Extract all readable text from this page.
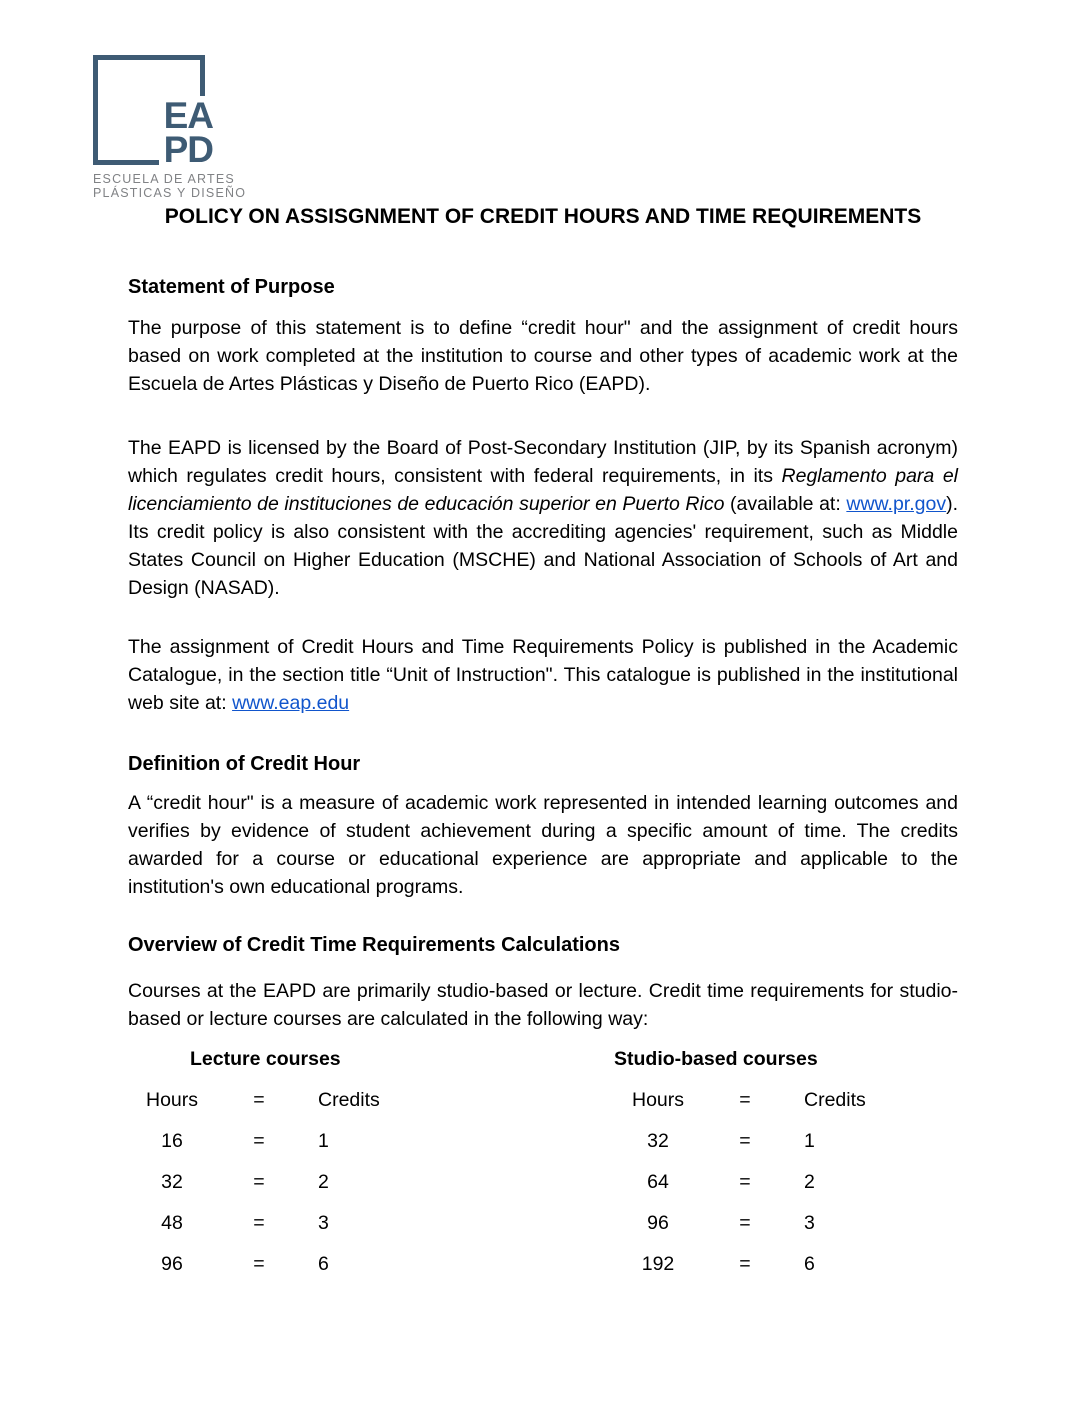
EA
PD
ESCUELA DE ARTES
PLÁSTICAS Y DISEÑO
POLICY ON ASSISGNMENT OF CREDIT HOURS AND TIME REQUIREMENTS
Statement of Purpose

The purpose of this statement is to define “credit hour" and the assignment of credit hours based on work completed at the institution to course and other types of academic work at the Escuela de Artes Plásticas y Diseño de Puerto Rico (EAPD).

The EAPD is licensed by the Board of Post-Secondary Institution (JIP, by its Spanish acronym) which regulates credit hours, consistent with federal requirements, in its Reglamento para el licenciamiento de instituciones de educación superior en Puerto Rico (available at: www.pr.gov). Its credit policy is also consistent with the accrediting agencies' requirement, such as Middle States Council on Higher Education (MSCHE) and National Association of Schools of Art and Design (NASAD).

The assignment of Credit Hours and Time Requirements Policy is published in the Academic Catalogue, in the section title “Unit of Instruction". This catalogue is published in the institutional web site at: www.eap.edu

Definition of Credit Hour

A “credit hour" is a measure of academic work represented in intended learning outcomes and verifies by evidence of student achievement during a specific amount of time. The credits awarded for a course or educational experience are appropriate and applicable to the institution's own educational programs.

Overview of Credit Time Requirements Calculations

Courses at the EAPD are primarily studio-based or lecture. Credit time requirements for studio-based or lecture courses are calculated in the following way:

Lecture courses
Hours	=	Credits
16	=	1
32	=	2
48	=	3
96	=	6
Studio-based courses
Hours	=	Credits
32	=	1
64	=	2
96	=	3
192	=	6
